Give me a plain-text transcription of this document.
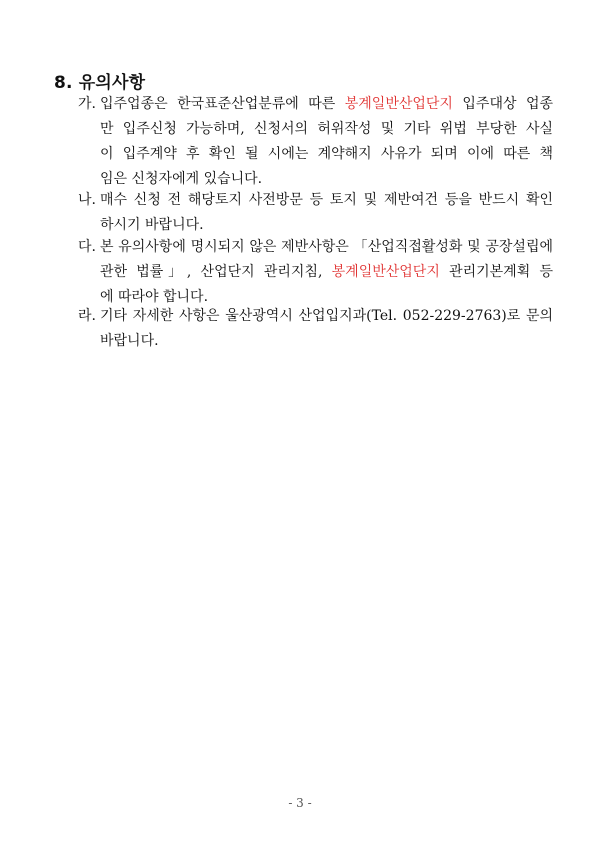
8. 유의사항
가. 입주업종은 한국표준산업분류에 따른 봉계일반산업단지 입주대상 업종
만 입주신청 가능하며, 신청서의 허위작성 및 기타 위법 부당한 사실
이 입주계약 후 확인 될 시에는 계약해지 사유가 되며 이에 따른 책
임은 신청자에게 있습니다.
나. 매수 신청 전 해당토지 사전방문 등 토지 및 제반여건 등을 반드시 확인
하시기 바랍니다.
다. 본 유의사항에 명시되지 않은 제반사항은 「산업직접활성화 및 공장설립에
관한 법률」, 산업단지 관리지침, 봉계일반산업단지 관리기본계획 등
에 따라야 합니다.
라. 기타 자세한 사항은 울산광역시 산업입지과(Tel. 052-229-2763)로 문의
바랍니다.
- 3 -
